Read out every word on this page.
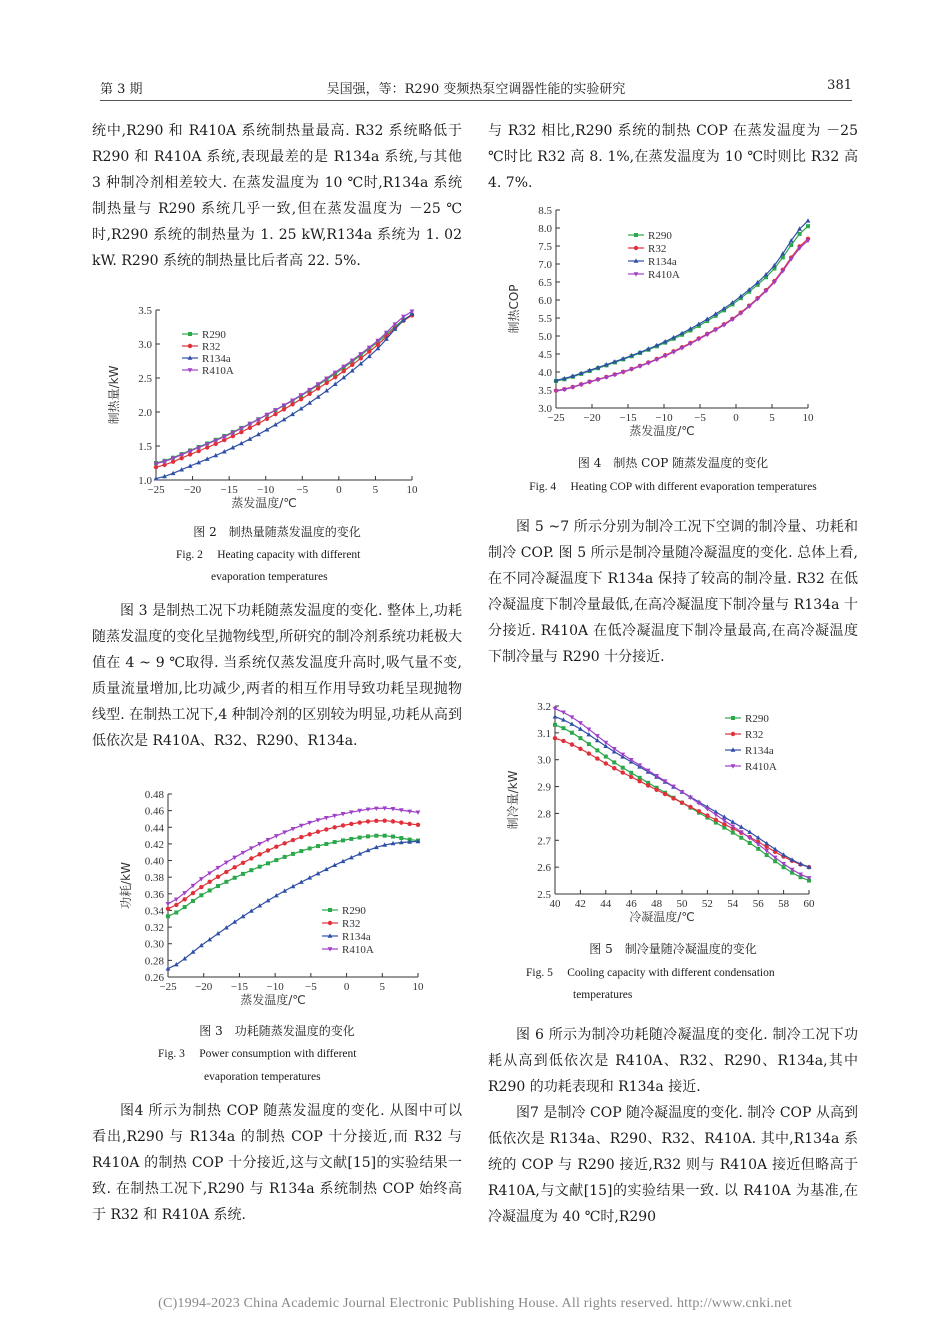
第 3 期	吴国强，等：R290 变频热泵空调器性能的实验研究	381
统中,R290 和 R410A 系统制热量最高. R32 系统略低于 R290 和 R410A 系统,表现最差的是 R134a 系统,与其他 3 种制冷剂相差较大. 在蒸发温度为 10 ℃时,R134a 系统制热量与 R290 系统几乎一致,但在蒸发温度为 －25 ℃时,R290 系统的制热量为 1. 25 kW,R134a 系统为 1. 02 kW. R290 系统的制热量比后者高 22. 5%.
1.0
1.5
2.0
2.5
3.0
3.5
−25 −20 −15 −10 −5	0	5	10
蒸发温度/℃
制热量/kW
R290
R32
R134a
R410A
图 2　制热量随蒸发温度的变化
Fig. 2　 Heating capacity with different
evaporation temperatures
图 3 是制热工况下功耗随蒸发温度的变化. 整体上,功耗随蒸发温度的变化呈抛物线型,所研究的制冷剂系统功耗极大值在 4 ~ 9 ℃取得. 当系统仅蒸发温度升高时,吸气量不变,质量流量增加,比功减少,两者的相互作用导致功耗呈现抛物线型. 在制热工况下,4 种制冷剂的区别较为明显,功耗从高到低依次是 R410A、R32、R290、R134a.
0.26
0.28
0.30
0.32
0.34
0.36
0.38
0.40
0.42
0.44
0.46
0.48
−25 −20 −15 −10 −5 0	5 10
蒸发温度/℃
功耗/kW
R290
R32
R134a
R410A
图 3　功耗随蒸发温度的变化
Fig. 3　 Power consumption with different
evaporation temperatures
图4 所示为制热 COP 随蒸发温度的变化. 从图中可以看出,R290 与 R134a 的制热 COP 十分接近,而 R32 与 R410A 的制热 COP 十分接近,这与文献[15]的实验结果一致. 在制热工况下,R290 与 R134a 系统制热 COP 始终高于 R32 和 R410A 系统.
与 R32 相比,R290 系统的制热 COP 在蒸发温度为 －25 ℃时比 R32 高 8. 1%,在蒸发温度为 10 ℃时则比 R32 高 4. 7%.
3.0
3.5
4.0
4.5
5.0
5.5
6.0
6.5
7.0
7.5
8.0
8.5
−25 −20 −15 −10 −5 0	5	10
蒸发温度/℃
制热COP
R290
R32
R134a
R410A
图 4　制热 COP 随蒸发温度的变化
Fig. 4　 Heating COP with different evaporation temperatures
图 5 ~7 所示分别为制冷工况下空调的制冷量、功耗和制冷 COP. 图 5 所示是制冷量随冷凝温度的变化. 总体上看,在不同冷凝温度下 R134a 保持了较高的制冷量. R32 在低冷凝温度下制冷量最低,在高冷凝温度下制冷量与 R134a 十分接近. R410A 在低冷凝温度下制冷量最高,在高冷凝温度下制冷量与 R290 十分接近.
2.5
2.6
2.7
2.8
2.9
3.0
3.1
3.2
40 42 44 46 48 50 52 54 56 58 60
冷凝温度/℃
制冷量/kW
R290
R32
R134a
R410A
图 5　制冷量随冷凝温度的变化
Fig. 5　 Cooling capacity with different condensation
temperatures
图 6 所示为制冷功耗随冷凝温度的变化. 制冷工况下功耗从高到低依次是 R410A、R32、R290、R134a,其中 R290 的功耗表现和 R134a 接近.
图7 是制冷 COP 随冷凝温度的变化. 制冷 COP 从高到低依次是 R134a、R290、R32、R410A. 其中,R134a 系统的 COP 与 R290 接近,R32 则与 R410A 接近但略高于 R410A,与文献[15]的实验结果一致. 以 R410A 为基准,在冷凝温度为 40 ℃时,R290
(C)1994-2023 China Academic Journal Electronic Publishing House. All rights reserved. http://www.cnki.net
